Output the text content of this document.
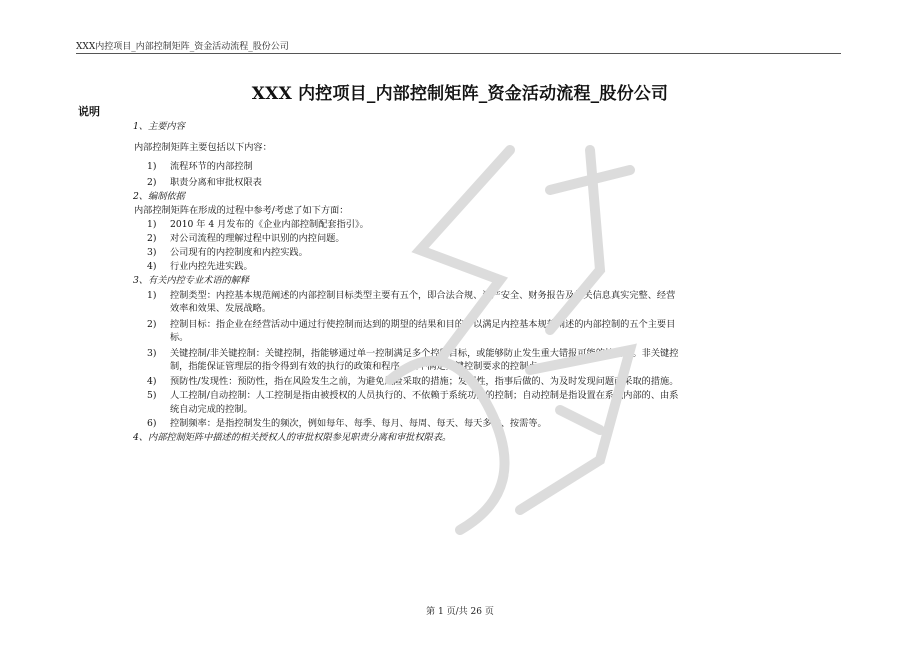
XXX内控项目_内部控制矩阵_资金活动流程_股份公司
XXX 内控项目_内部控制矩阵_资金活动流程_股份公司
说明
1、主要内容
内部控制矩阵主要包括以下内容：
1) 流程环节的内部控制
2) 职责分离和审批权限表
2、编制依据
内部控制矩阵在形成的过程中参考/考虑了如下方面：
1) 2010 年 4 月发布的《企业内部控制配套指引》。
2) 对公司流程的理解过程中识别的内控问题。
3) 公司现有的内控制度和内控实践。
4) 行业内控先进实践。
3、有关内控专业术语的解释
1) 控制类型：内控基本规范阐述的内部控制目标类型主要有五个，即合法合规、资产安全、财务报告及相关信息真实完整、经营
效率和效果、发展战略。
2) 控制目标：指企业在经营活动中通过行使控制而达到的期望的结果和目的，以满足内控基本规范阐述的内部控制的五个主要目
标。
3) 关键控制/非关键控制：关键控制，指能够通过单一控制满足多个控制目标，或能够防止发生重大错报可能的控制点。非关键控
制，指能保证管理层的指令得到有效的执行的政策和程序，但不满足关键控制要求的控制点。
4) 预防性/发现性：预防性，指在风险发生之前，为避免风险采取的措施；发现性，指事后做的、为及时发现问题而采取的措施。
5) 人工控制/自动控制：人工控制是指由被授权的人员执行的、不依赖于系统功能的控制；自动控制是指设置在系统内部的、由系
统自动完成的控制。
6) 控制频率：是指控制发生的频次，例如每年、每季、每月、每周、每天、每天多次、按需等。
4、内部控制矩阵中描述的相关授权人的审批权限参见职责分离和审批权限表。
第 1 页/共 26 页
